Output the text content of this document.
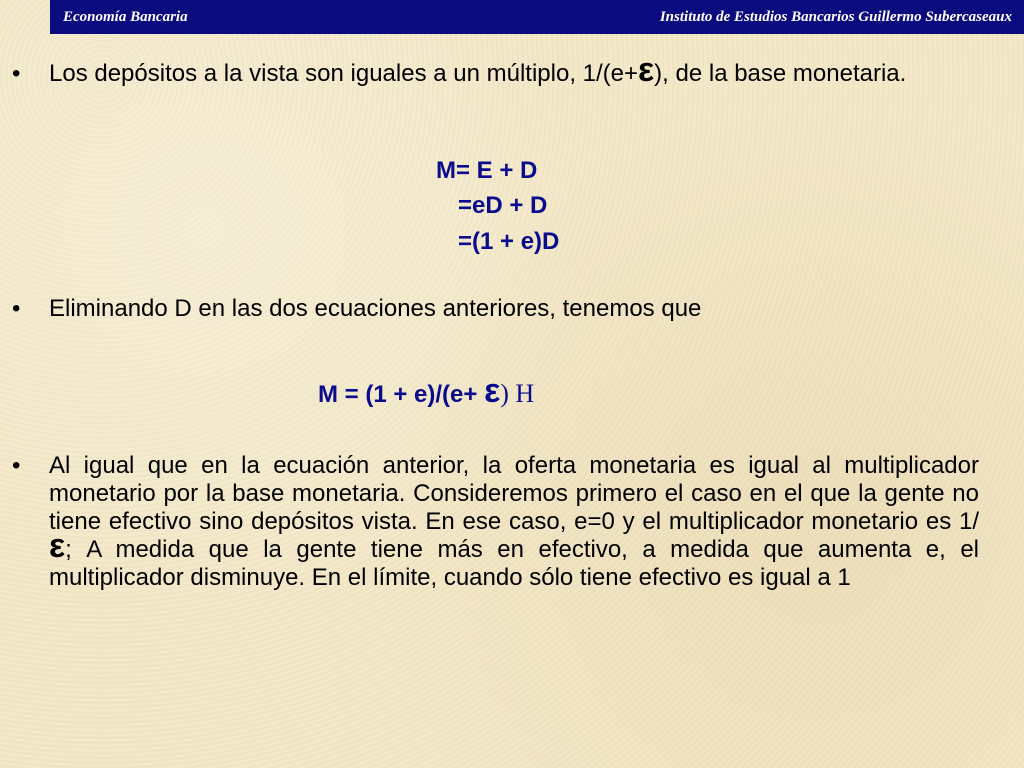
Economía Bancaria	Instituto de Estudios Bancarios Guillermo Subercaseaux
• Los depósitos a la vista son iguales a un múltiplo, 1/(e+ε), de la base monetaria.
M= E + D
=eD + D
=(1 + e)D
• Eliminando D en las dos ecuaciones anteriores, tenemos que
M = (1 + e)/(e+ ε) H
• Al igual que en la ecuación anterior, la oferta monetaria es igual al multiplicador monetario por la base monetaria. Consideremos primero el caso en el que la gente no tiene efectivo sino depósitos vista. En ese caso, e=0 y el multiplicador monetario es 1/ ε; A medida que la gente tiene más en efectivo, a medida que aumenta e, el multiplicador disminuye. En el límite, cuando sólo tiene efectivo es igual a 1
